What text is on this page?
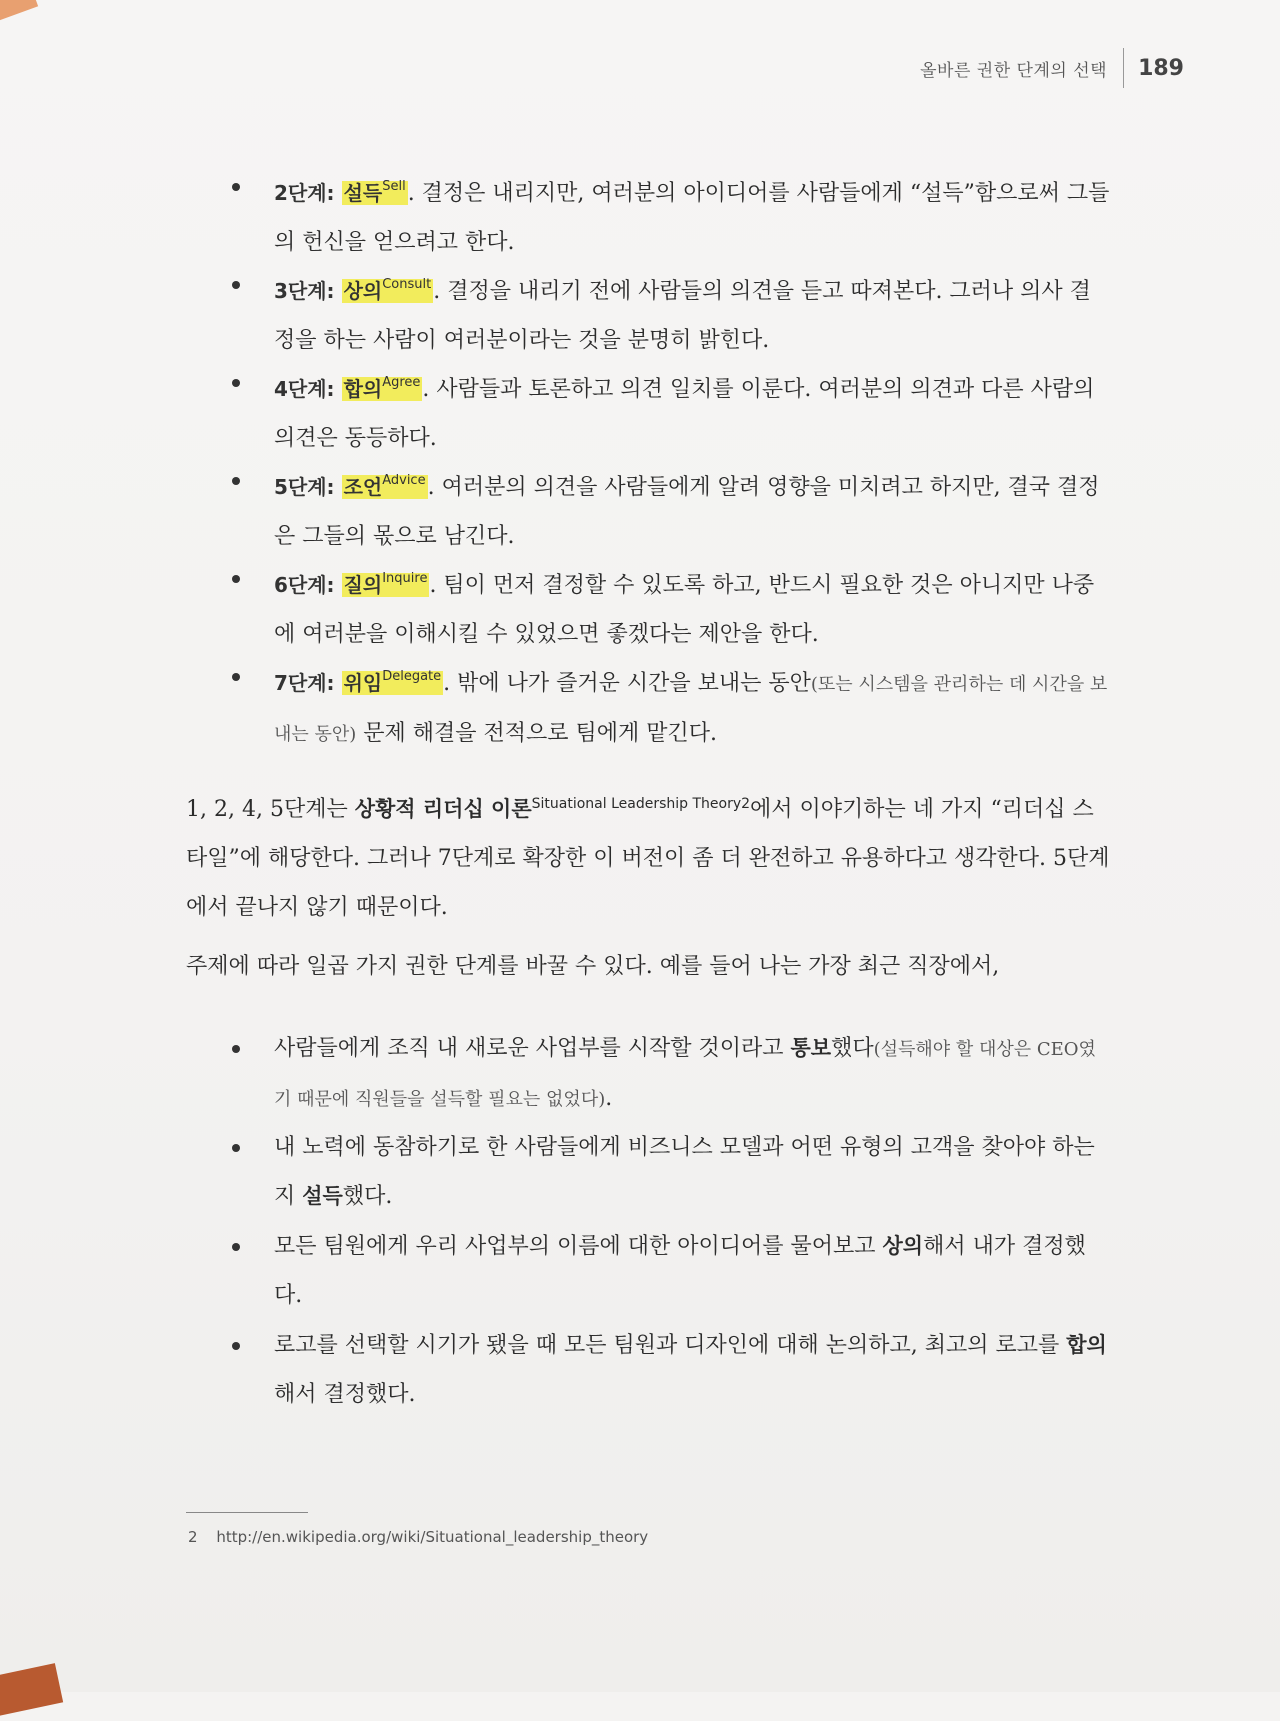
올바른 권한 단계의 선택 189
2단계: 설득$^{Sell}$. 결정은 내리지만, 여러분의 아이디어를 사람들에게 “설득”함으로써 그들의 헌신을 얻으려고 한다.
3단계: 상의$^{Consult}$. 결정을 내리기 전에 사람들의 의견을 듣고 따져본다. 그러나 의사 결정을 하는 사람이 여러분이라는 것을 분명히 밝힌다.
4단계: 합의$^{Agree}$. 사람들과 토론하고 의견 일치를 이룬다. 여러분의 의견과 다른 사람의 의견은 동등하다.
5단계: 조언$^{Advice}$. 여러분의 의견을 사람들에게 알려 영향을 미치려고 하지만, 결국 결정은 그들의 몫으로 남긴다.
6단계: 질의$^{Inquire}$. 팀이 먼저 결정할 수 있도록 하고, 반드시 필요한 것은 아니지만 나중에 여러분을 이해시킬 수 있었으면 좋겠다는 제안을 한다.
7단계: 위임$^{Delegate}$. 밖에 나가 즐거운 시간을 보내는 동안(또는 시스템을 관리하는 데 시간을 보내는 동안) 문제 해결을 전적으로 팀에게 맡긴다.

1, 2, 4, 5단계는 상황적 리더십 이론$^{Situational Leadership Theory2}$에서 이야기하는 네 가지 “리더십 스타일”에 해당한다. 그러나 7단계로 확장한 이 버전이 좀 더 완전하고 유용하다고 생각한다. 5단계에서 끝나지 않기 때문이다.

주제에 따라 일곱 가지 권한 단계를 바꿀 수 있다. 예를 들어 나는 가장 최근 직장에서,

사람들에게 조직 내 새로운 사업부를 시작할 것이라고 통보했다(설득해야 할 대상은 CEO였기 때문에 직원들을 설득할 필요는 없었다).
내 노력에 동참하기로 한 사람들에게 비즈니스 모델과 어떤 유형의 고객을 찾아야 하는지 설득했다.
모든 팀원에게 우리 사업부의 이름에 대한 아이디어를 물어보고 상의해서 내가 결정했다.
로고를 선택할 시기가 됐을 때 모든 팀원과 디자인에 대해 논의하고, 최고의 로고를 합의해서 결정했다.
2 http://en.wikipedia.org/wiki/Situational_leadership_theory
